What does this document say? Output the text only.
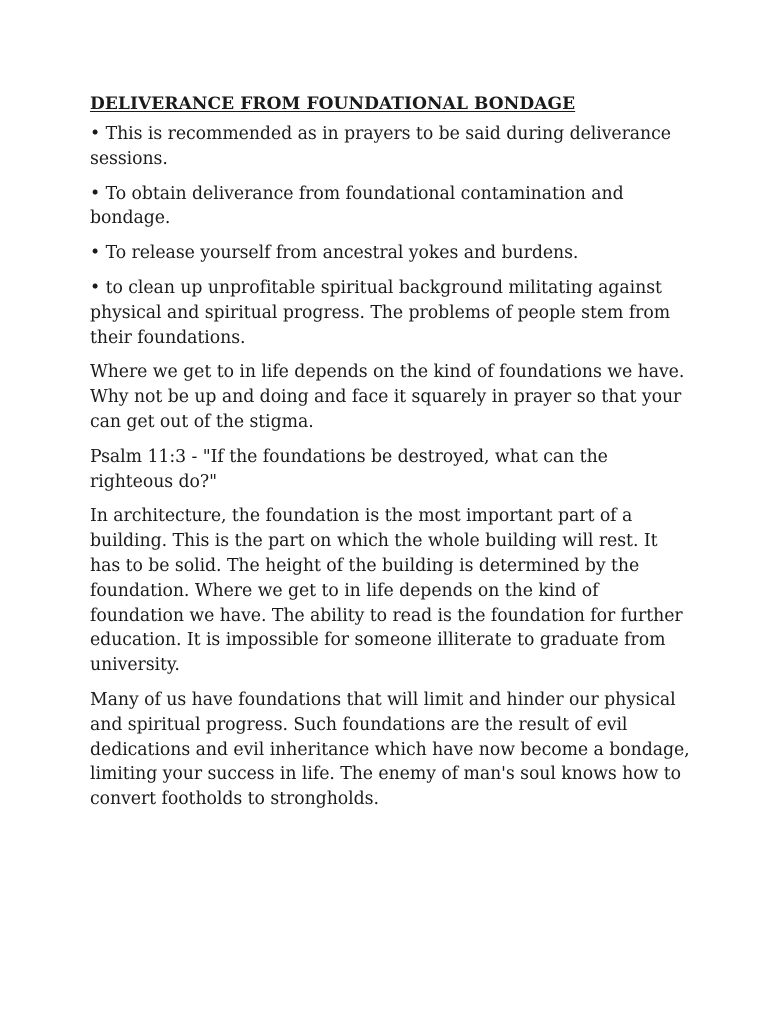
DELIVERANCE FROM FOUNDATIONAL BONDAGE

• This is recommended as in prayers to be said during deliverance sessions.

• To obtain deliverance from foundational contamination and bondage.

• To release yourself from ancestral yokes and burdens.

• to clean up unprofitable spiritual background militating against physical and spiritual progress. The problems of people stem from their foundations.

Where we get to in life depends on the kind of foundations we have. Why not be up and doing and face it squarely in prayer so that your can get out of the stigma.

Psalm 11:3 - "If the foundations be destroyed, what can the righteous do?"

In architecture, the foundation is the most important part of a building. This is the part on which the whole building will rest. It has to be solid. The height of the building is determined by the foundation. Where we get to in life depends on the kind of foundation we have. The ability to read is the foundation for further education. It is impossible for someone illiterate to graduate from university.

Many of us have foundations that will limit and hinder our physical and spiritual progress. Such foundations are the result of evil dedications and evil inheritance which have now become a bondage, limiting your success in life. The enemy of man's soul knows how to convert footholds to strongholds.
